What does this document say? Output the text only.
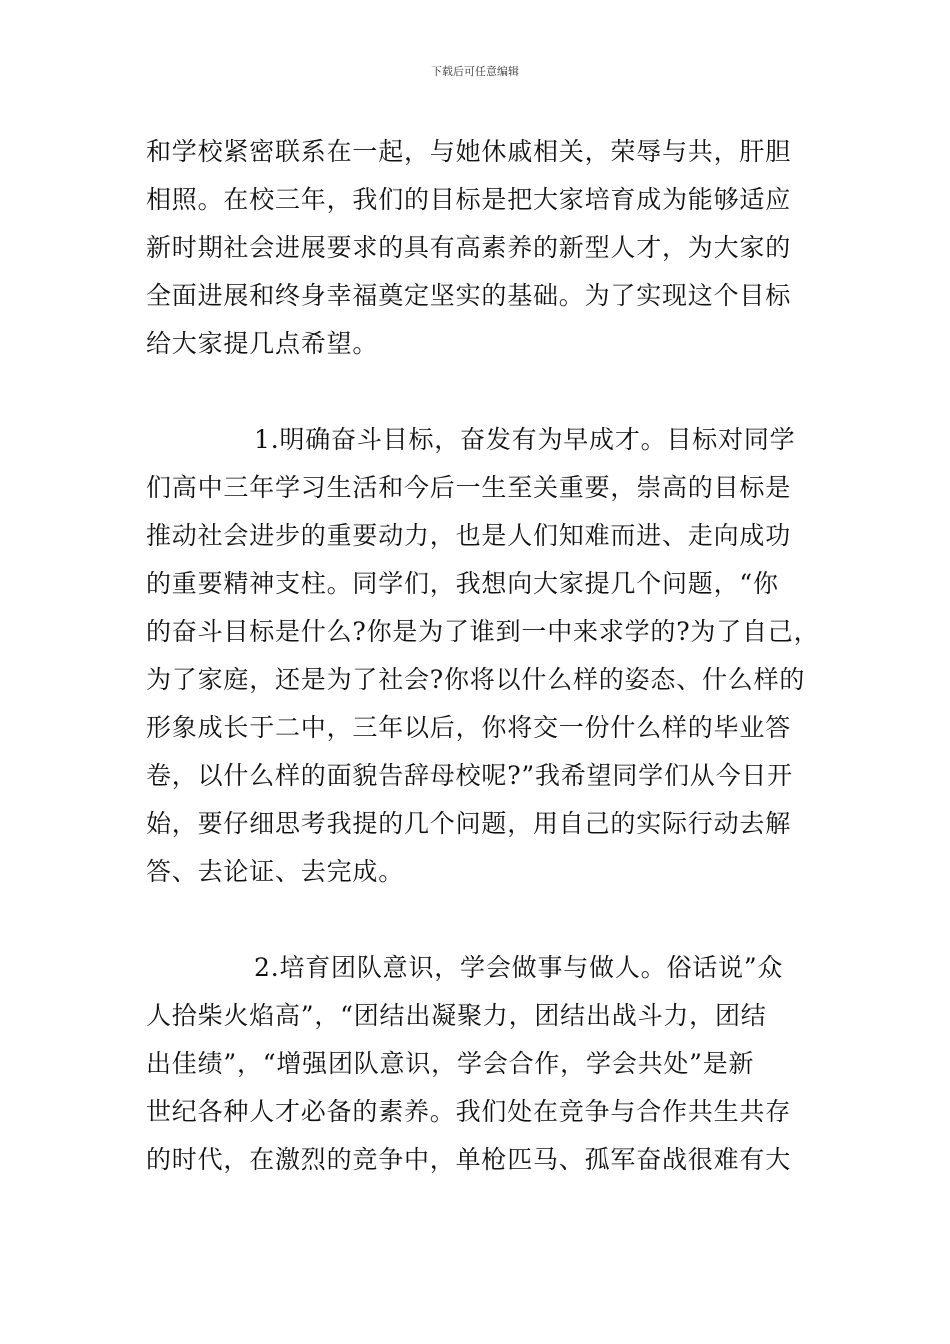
下载后可任意编辑
和学校紧密联系在一起，与她休戚相关，荣辱与共，肝胆
相照。在校三年，我们的目标是把大家培育成为能够适应
新时期社会进展要求的具有高素养的新型人才，为大家的
全面进展和终身幸福奠定坚实的基础。为了实现这个目标
给大家提几点希望。
1.明确奋斗目标，奋发有为早成才。目标对同学
们高中三年学习生活和今后一生至关重要，崇高的目标是
推动社会进步的重要动力，也是人们知难而进、走向成功
的重要精神支柱。同学们，我想向大家提几个问题，“你
的奋斗目标是什么?你是为了谁到一中来求学的?为了自己，
为了家庭，还是为了社会?你将以什么样的姿态、什么样的
形象成长于二中，三年以后，你将交一份什么样的毕业答
卷，以什么样的面貌告辞母校呢?”我希望同学们从今日开
始，要仔细思考我提的几个问题，用自己的实际行动去解
答、去论证、去完成。
2.培育团队意识，学会做事与做人。俗话说”众
人拾柴火焰高”，“团结出凝聚力，团结出战斗力，团结
出佳绩”，“增强团队意识，学会合作，学会共处”是新
世纪各种人才必备的素养。我们处在竞争与合作共生共存
的时代，在激烈的竞争中，单枪匹马、孤军奋战很难有大
